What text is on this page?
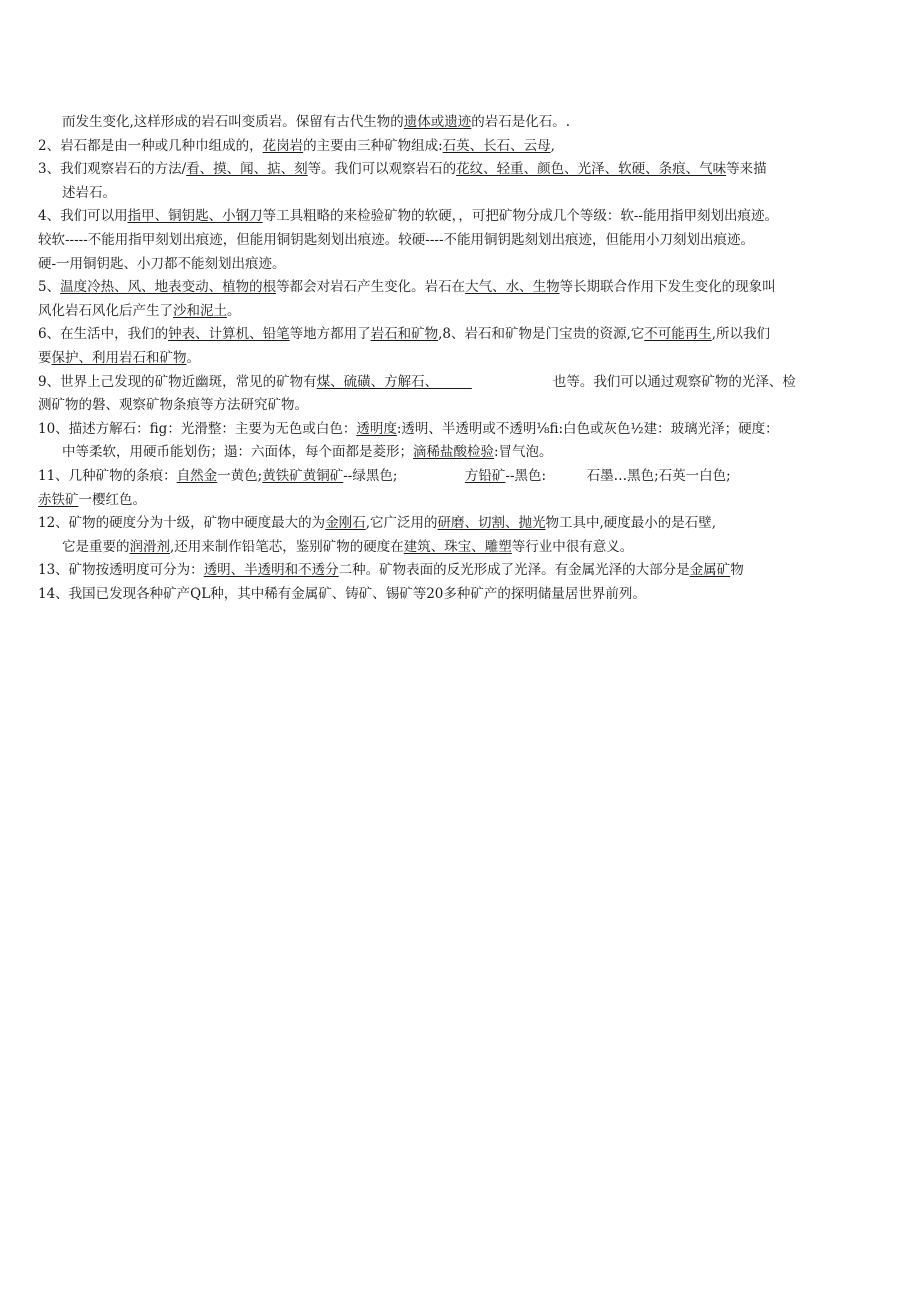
而发生变化,这样形成的岩石叫变质岩。保留有古代生物的遗体或遗迹的岩石是化石。.
2、岩石都是由一种或几种巾组成的，花岗岩的主要由三种矿物组成:石英、长石、云母,
3、我们观察岩石的方法/看、摸、闻、掂、刻等。我们可以观察岩石的花纹、轻重、颜色、光泽、软硬、条痕、气味等来描
述岩石。
4、我们可以用指甲、铜钥匙、小钢刀等工具粗略的来检验矿物的软硬，，可把矿物分成几个等级：软--能用指甲刻划出痕迹。
较软-----不能用指甲刻划出痕迹，但能用铜钥匙刻划出痕迹。较硬----不能用铜钥匙刻划出痕迹，但能用小刀刻划出痕迹。
硬-一用铜钥匙、小刀都不能刻划出痕迹。
5、温度冷热、风、地表变动、植物的根等都会对岩石产生变化。岩石在大气、水、生物等长期联合作用下发生变化的现象叫
风化岩石风化后产生了沙和泥土。
6、在生活中，我们的钟表、计算机、铅笔等地方都用了岩石和矿物,8、岩石和矿物是门宝贵的资源,它不可能再生,所以我们
要保护、利用岩石和矿物。
9、世界上己发现的矿物近幽斑，常见的矿物有煤、硫磺、方解石、　　　　　　　　　也等。我们可以通过观察矿物的光泽、检
测矿物的磐、观察矿物条痕等方法研究矿物。
10、描述方解石：fig：光滑整：主要为无色或白色：透明度:透明、半透明或不透明⅛fi:白色或灰色½建：玻璃光泽；硬度：
中等柔软，用硬币能划伤；遢：六面体，每个面都是菱形；滴稀盐酸检验:冒气泡。
11、几种矿物的条痕：自然金一黄色;黄铁矿黄铜矿--绿黑色;　　　　　方铅矿--黑色:　　　石墨…黑色;石英一白色;
赤铁矿一樱红色。
12、矿物的硬度分为十级，矿物中硬度最大的为金刚石,它广泛用的研磨、切割、抛光物工具中,硬度最小的是石壁,
它是重要的润滑剂,还用来制作铅笔芯，鉴别矿物的硬度在建筑、珠宝、雕塑等行业中很有意义。
13、矿物按透明度可分为：透明、半透明和不透分二种。矿物表面的反光形成了光泽。有金属光泽的大部分是金属矿物
14、我国已发现各种矿产QL种，其中稀有金属矿、铸矿、锡矿等20多种矿产的探明储量居世界前列。
